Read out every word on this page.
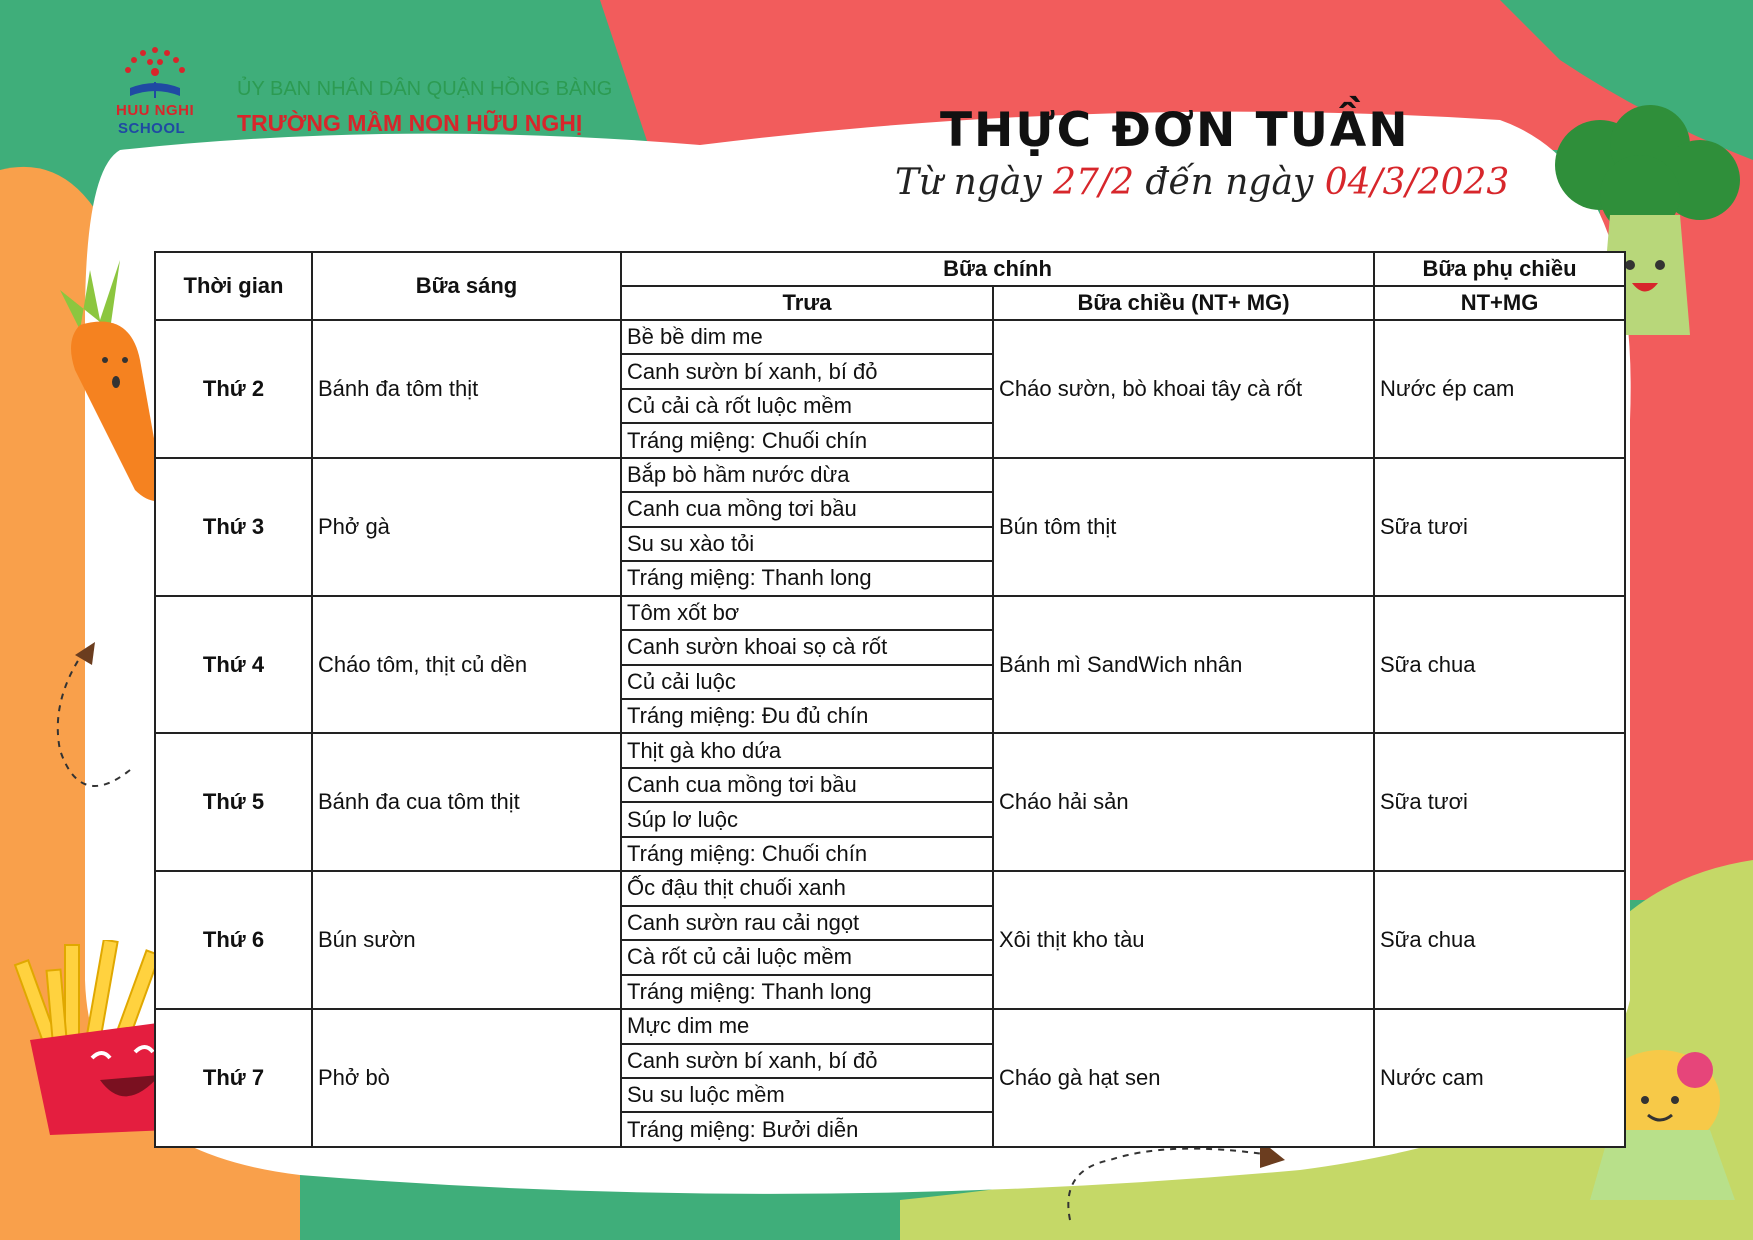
HUU NGHI
SCHOOL
ỦY BAN NHÂN DÂN QUẬN HỒNG BÀNG
TRƯỜNG MẦM NON HỮU NGHỊ	THỰC ĐƠN TUẦN
Từ ngày 27/2 đến ngày 04/3/2023
Thời gian	Bữa sáng	Bữa chính		Bữa phụ chiều
		Trưa	Bữa chiều (NT+ MG)	NT+MG
Thứ 2	Bánh đa tôm thịt	Bề bề dim me	Cháo sườn, bò khoai tây cà rốt	Nước ép cam
		Canh sườn bí xanh, bí đỏ		
		Củ cải cà rốt luộc mềm		
		Tráng miệng: Chuối chín		
Thứ 3	Phở gà	Bắp bò hầm nước dừa	Bún tôm thịt	Sữa tươi
		Canh cua mồng tơi bầu		
		Su su xào tỏi		
		Tráng miệng: Thanh long		
Thứ 4	Cháo tôm, thịt củ dền	Tôm xốt bơ	Bánh mì SandWich nhân	Sữa chua
		Canh sườn khoai sọ cà rốt		
		Củ cải luộc		
		Tráng miệng: Đu đủ chín		
Thứ 5	Bánh đa cua tôm thịt	Thịt gà kho dứa	Cháo hải sản	Sữa tươi
		Canh cua mồng tơi bầu		
		Súp lơ luộc		
		Tráng miệng: Chuối chín		
Thứ 6	Bún sườn	Ốc đậu thịt chuối xanh	Xôi thịt kho tàu	Sữa chua
		Canh sườn rau cải ngọt		
		Cà rốt củ cải luộc mềm		
		Tráng miệng: Thanh long		
Thứ 7	Phở bò	Mực dim me	Cháo gà hạt sen	Nước cam
		Canh sườn bí xanh, bí đỏ		
		Su su luộc mềm		
		Tráng miệng: Bưởi diễn		
